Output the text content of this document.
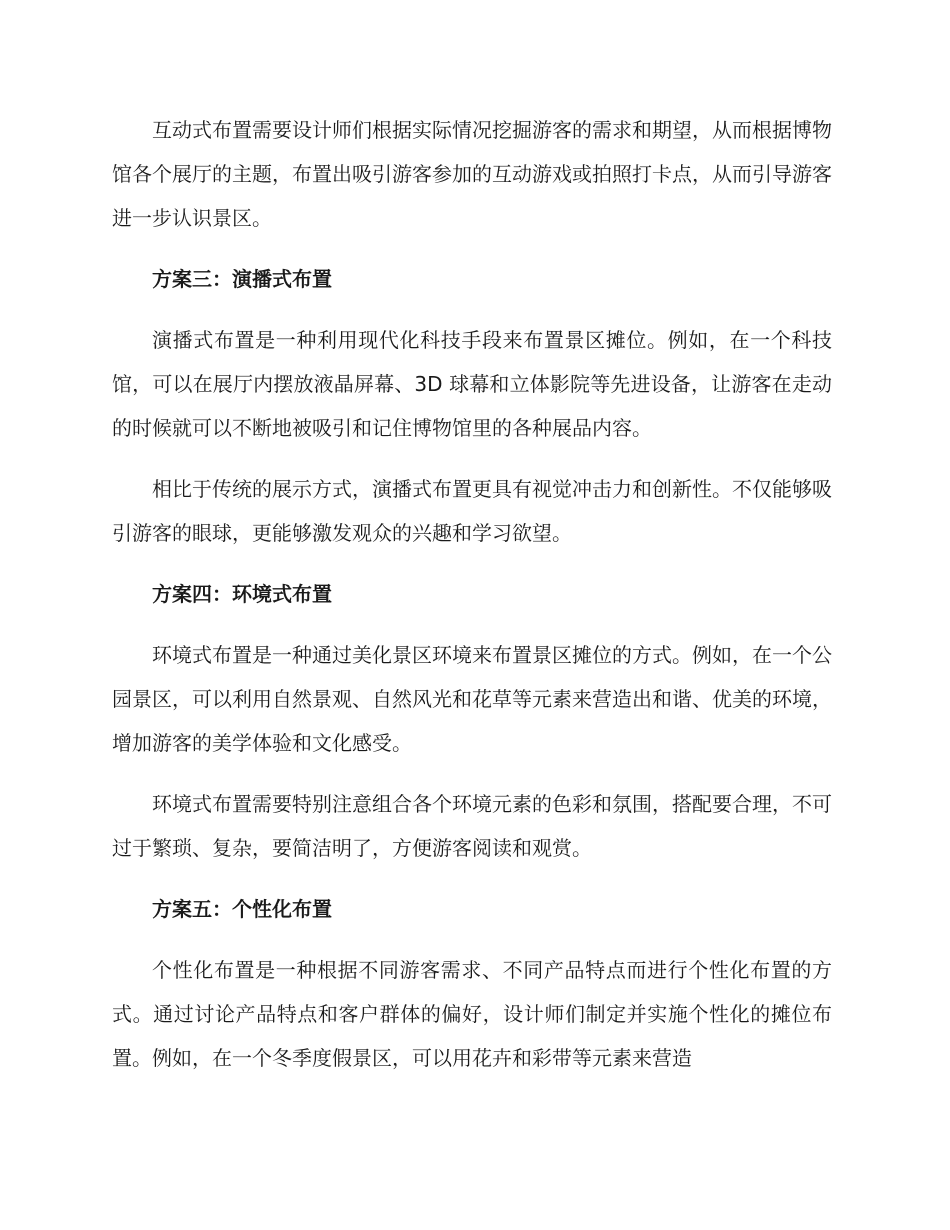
互动式布置需要设计师们根据实际情况挖掘游客的需求和期望，从而根据博物馆各个展厅的主题，布置出吸引游客参加的互动游戏或拍照打卡点，从而引导游客进一步认识景区。

方案三：演播式布置

演播式布置是一种利用现代化科技手段来布置景区摊位。例如，在一个科技馆，可以在展厅内摆放液晶屏幕、3D 球幕和立体影院等先进设备，让游客在走动的时候就可以不断地被吸引和记住博物馆里的各种展品内容。

相比于传统的展示方式，演播式布置更具有视觉冲击力和创新性。不仅能够吸引游客的眼球，更能够激发观众的兴趣和学习欲望。

方案四：环境式布置

环境式布置是一种通过美化景区环境来布置景区摊位的方式。例如，在一个公园景区，可以利用自然景观、自然风光和花草等元素来营造出和谐、优美的环境，增加游客的美学体验和文化感受。

环境式布置需要特别注意组合各个环境元素的色彩和氛围，搭配要合理，不可过于繁琐、复杂，要简洁明了，方便游客阅读和观赏。

方案五：个性化布置

个性化布置是一种根据不同游客需求、不同产品特点而进行个性化布置的方式。通过讨论产品特点和客户群体的偏好，设计师们制定并实施个性化的摊位布置。例如，在一个冬季度假景区，可以用花卉和彩带等元素来营造
